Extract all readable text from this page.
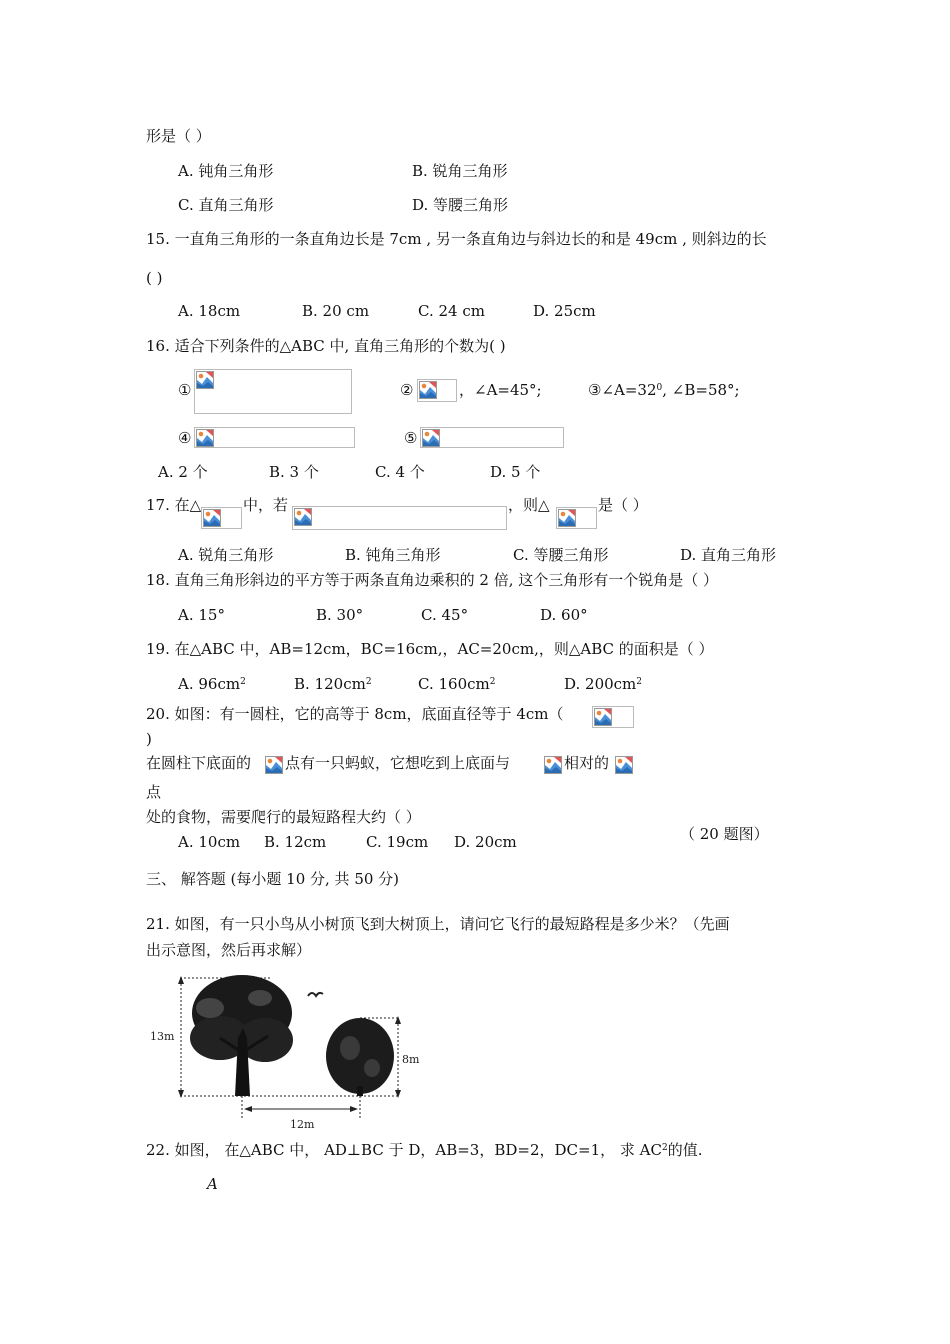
形是（ ）
A. 钝角三角形	B. 锐角三角形
C. 直角三角形	D. 等腰三角形
15. 一直角三角形的一条直角边长是 7cm , 另一条直角边与斜边长的和是 49cm , 则斜边的长
( )
A. 18cm	B. 20 cm	C. 24 cm	D. 25cm
16. 适合下列条件的△ABC 中, 直角三角形的个数为( )
①	②	，∠A=45°;	$③\angle A=32^0$, ∠B=58°;
④	⑤
A. 2 个	B. 3 个	C. 4 个	D. 5 个
17. 在△	中，若	，则△	是（ ）
A. 锐角三角形	B. 钝角三角形	C. 等腰三角形	D. 直角三角形
18. 直角三角形斜边的平方等于两条直角边乘积的 2 倍, 这个三角形有一个锐角是（ ）
A. 15°	B. 30°	C. 45°	D. 60°
19. 在△ABC 中，AB=12cm，BC=16cm,，AC=20cm,，则△ABC 的面积是（ ）
A. $96cm^2$	B. $120cm^2$	C. $160cm^2$	D. $200cm^2$
20. 如图：有一圆柱，它的高等于 8cm，底面直径等于 4cm（
)
在圆柱下底面的 点有一只蚂蚁，它想吃到上底面与	相对的
点
处的食物，需要爬行的最短路程大约（ ）
A. 10cm B. 12cm	C. 19cm D. 20cm	（ 20 题图）
三、 解答题 (每小题 10 分, 共 50 分)
21. 如图，有一只小鸟从小树顶飞到大树顶上，请问它飞行的最短路程是多少米？（先画
出示意图，然后再求解）
13m
8m
12m
22. 如图， 在△ABC 中， AD⊥BC 于 D，AB=3，BD=2，DC=1， 求 $AC^2$的值.
A
